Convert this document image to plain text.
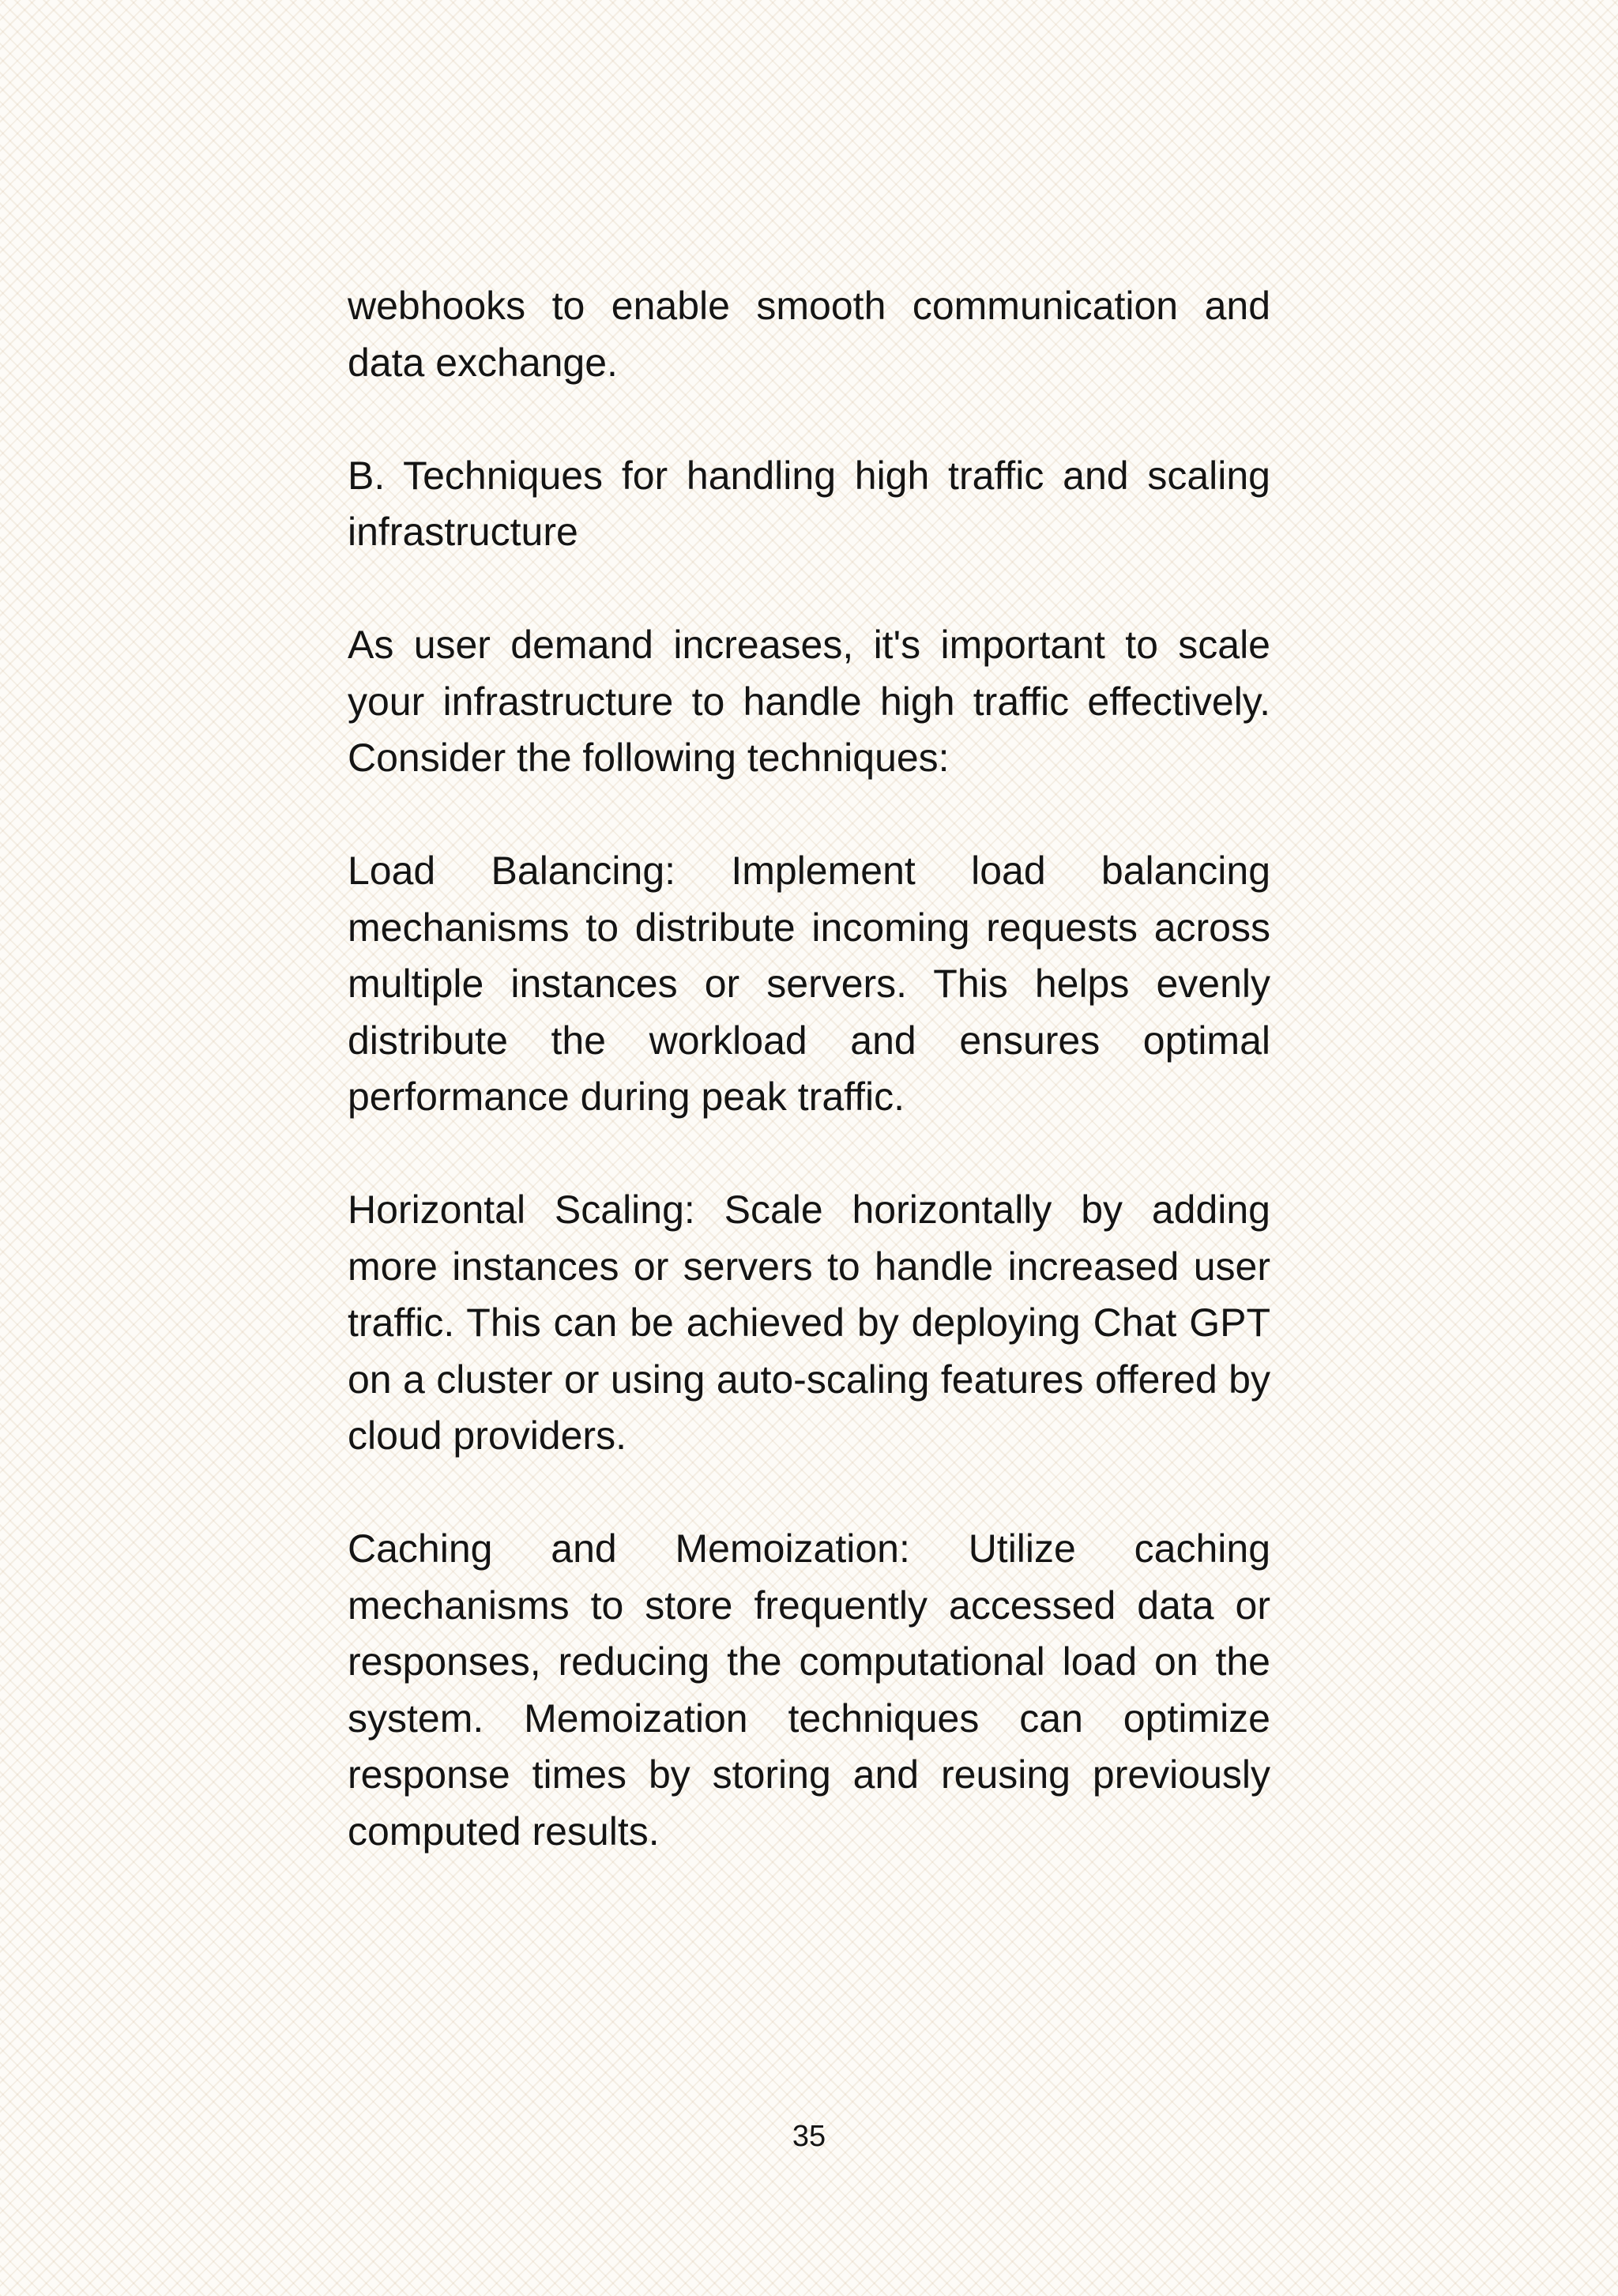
webhooks to enable smooth communication and data exchange.

B. Techniques for handling high traffic and scaling infrastructure

As user demand increases, it's important to scale your infrastructure to handle high traffic effectively. Consider the following techniques:

Load Balancing: Implement load balancing mechanisms to distribute incoming requests across multiple instances or servers. This helps evenly distribute the workload and ensures optimal performance during peak traffic.

Horizontal Scaling: Scale horizontally by adding more instances or servers to handle increased user traffic. This can be achieved by deploying Chat GPT on a cluster or using auto-scaling features offered by cloud providers.

Caching and Memoization: Utilize caching mechanisms to store frequently accessed data or responses, reducing the computational load on the system. Memoization techniques can optimize response times by storing and reusing previously computed results.

35
